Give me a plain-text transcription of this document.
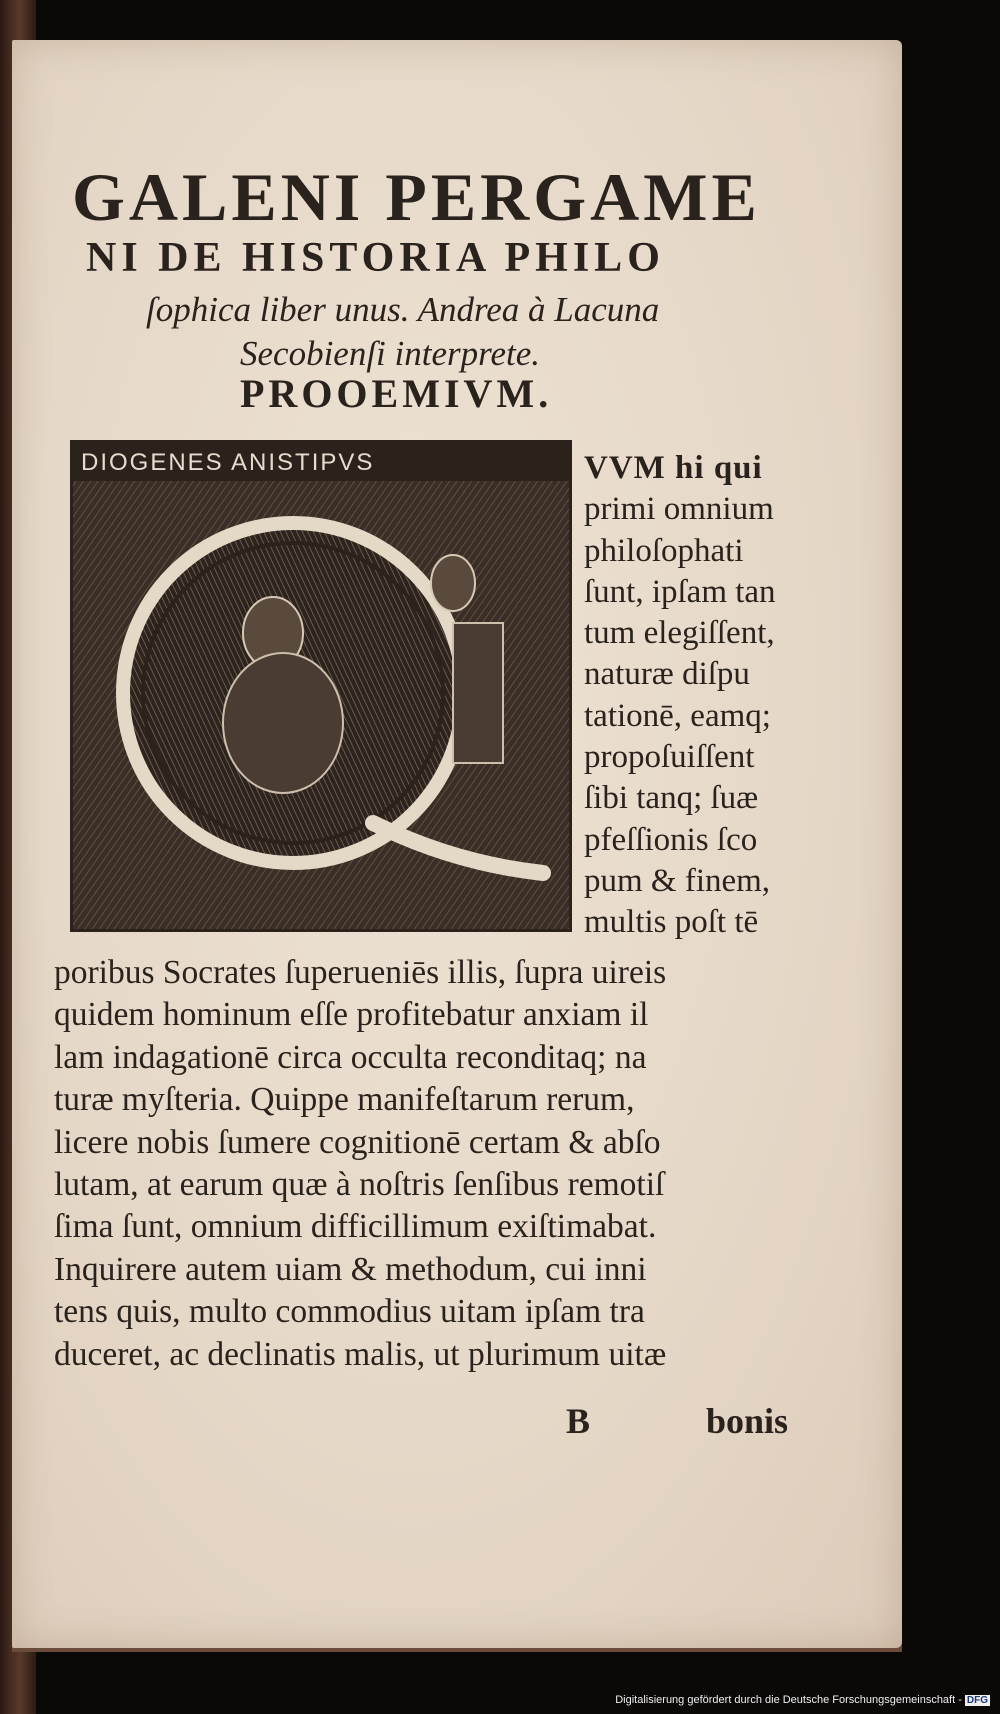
GALENI PERGAME
NI DE HISTORIA PHILO
ſophica liber unus. Andrea à Lacuna
Secobienſi interprete.
PROOEMIVM.
DIOGENES ANISTIPVS	VVM hi qui
primi omnium
philoſophati
ſunt, ipſam tan
tum elegiſſent,
naturæ diſpu
tationē, eamq;
propoſuiſſent
ſibi tanq; ſuæ
pfeſſionis ſco
pum & finem,
multis poſt tē
poribus Socrates ſuperueniēs illis, ſupra uireis
quidem hominum eſſe profitebatur anxiam il
lam indagationē circa occulta reconditaq; na
turæ myſteria. Quippe manifeſtarum rerum,
licere nobis ſumere cognitionē certam & abſo
lutam, at earum quæ à noſtris ſenſibus remotiſ
ſima ſunt, omnium difficillimum exiſtimabat.
Inquirere autem uiam & methodum, cui inni
tens quis, multo commodius uitam ipſam tra
duceret, ac declinatis malis, ut plurimum uitæ
B	bonis
Digitalisierung gefördert durch die Deutsche Forschungsgemeinschaft - DFG
